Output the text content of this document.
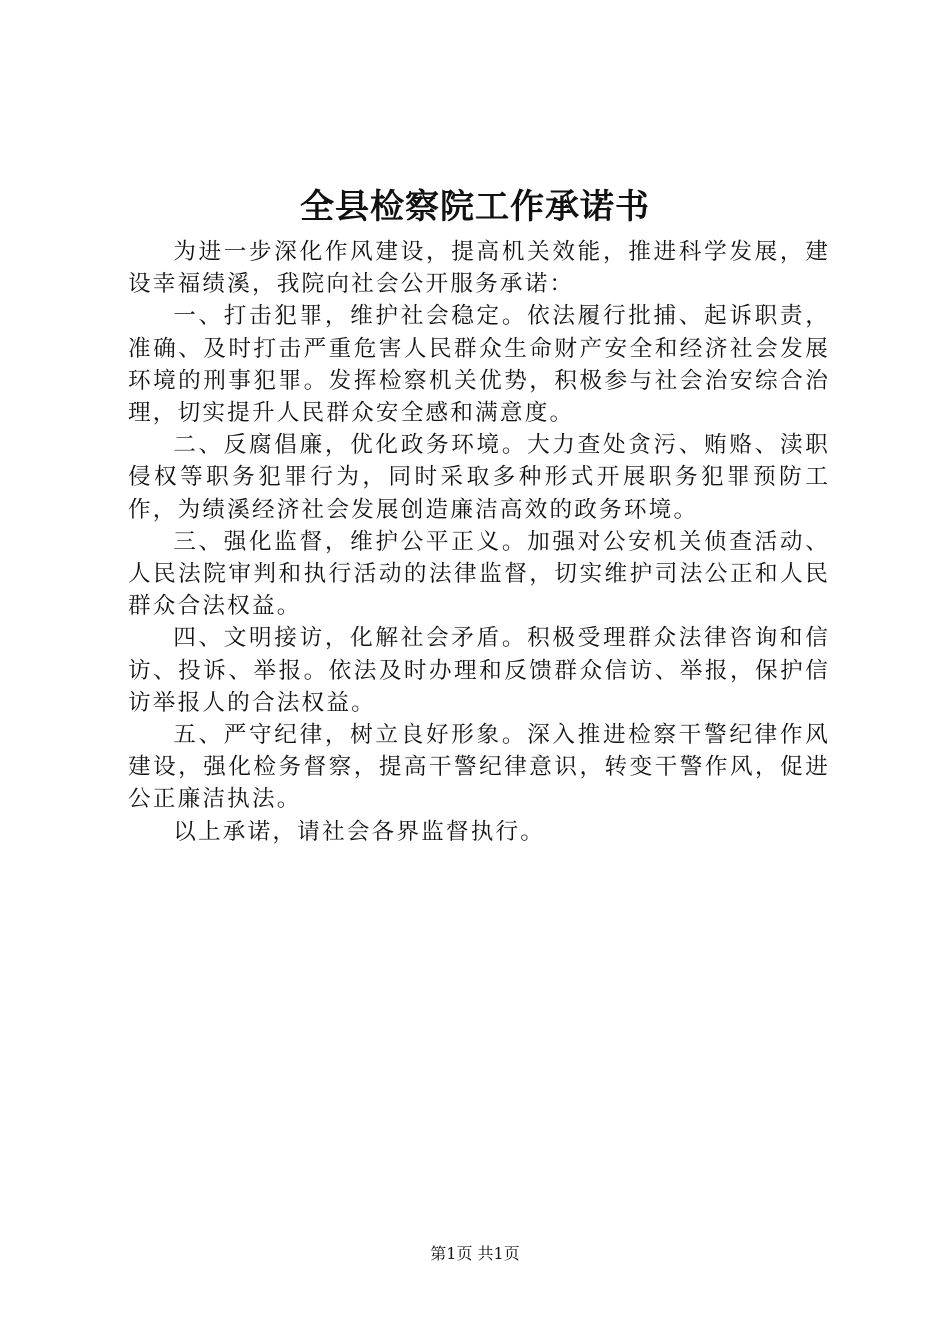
全县检察院工作承诺书

为进一步深化作风建设，提高机关效能，推进科学发展，建设幸福绩溪，我院向社会公开服务承诺：

一、打击犯罪，维护社会稳定。依法履行批捕、起诉职责，准确、及时打击严重危害人民群众生命财产安全和经济社会发展环境的刑事犯罪。发挥检察机关优势，积极参与社会治安综合治理，切实提升人民群众安全感和满意度。

二、反腐倡廉，优化政务环境。大力查处贪污、贿赂、渎职侵权等职务犯罪行为，同时采取多种形式开展职务犯罪预防工作，为绩溪经济社会发展创造廉洁高效的政务环境。

三、强化监督，维护公平正义。加强对公安机关侦查活动、人民法院审判和执行活动的法律监督，切实维护司法公正和人民群众合法权益。

四、文明接访，化解社会矛盾。积极受理群众法律咨询和信访、投诉、举报。依法及时办理和反馈群众信访、举报，保护信访举报人的合法权益。

五、严守纪律，树立良好形象。深入推进检察干警纪律作风建设，强化检务督察，提高干警纪律意识，转变干警作风，促进公正廉洁执法。

以上承诺，请社会各界监督执行。

第1页 共1页
